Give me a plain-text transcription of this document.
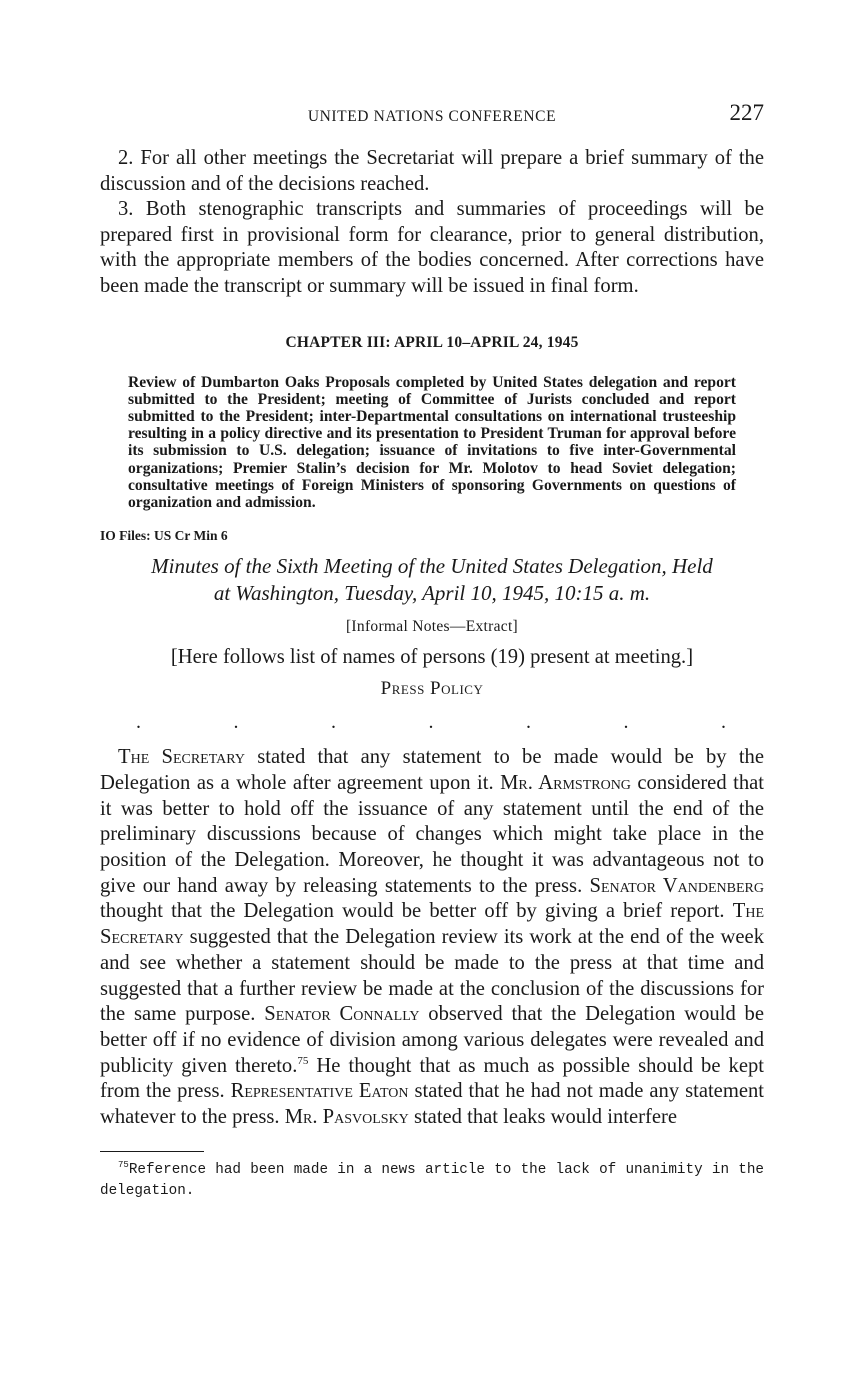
UNITED NATIONS CONFERENCE	227

2. For all other meetings the Secretariat will prepare a brief summary of the discussion and of the decisions reached.

3. Both stenographic transcripts and summaries of proceedings will be prepared first in provisional form for clearance, prior to general distribution, with the appropriate members of the bodies concerned. After corrections have been made the transcript or summary will be issued in final form.

CHAPTER III: APRIL 10–APRIL 24, 1945
Review of Dumbarton Oaks Proposals completed by United States delegation and report submitted to the President; meeting of Committee of Jurists concluded and report submitted to the President; inter-Departmental consultations on international trusteeship resulting in a policy directive and its presentation to President Truman for approval before its submission to U.S. delegation; issuance of invitations to five inter-Governmental organizations; Premier Stalin’s decision for Mr. Molotov to head Soviet delegation; consultative meetings of Foreign Ministers of sponsoring Governments on questions of organization and admission.
IO Files: US Cr Min 6
Minutes of the Sixth Meeting of the United States Delegation, Held
at Washington, Tuesday, April 10, 1945, 10:15 a. m.
[Informal Notes—Extract]
[Here follows list of names of persons (19) present at meeting.]
Press Policy
.	.	.	.	.	.	.

The Secretary stated that any statement to be made would be by the Delegation as a whole after agreement upon it. Mr. Armstrong considered that it was better to hold off the issuance of any statement until the end of the preliminary discussions because of changes which might take place in the position of the Delegation. Moreover, he thought it was advantageous not to give our hand away by releasing statements to the press. Senator Vandenberg thought that the Delegation would be better off by giving a brief report. The Secretary suggested that the Delegation review its work at the end of the week and see whether a statement should be made to the press at that time and suggested that a further review be made at the conclusion of the discussions for the same purpose. Senator Connally observed that the Delegation would be better off if no evidence of division among various delegates were revealed and publicity given thereto.$^{75}$ He thought that as much as possible should be kept from the press. Representative Eaton stated that he had not made any statement whatever to the press. Mr. Pasvolsky stated that leaks would interfere

$^{75}$Reference had been made in a news article to the lack of unanimity in the delegation.
